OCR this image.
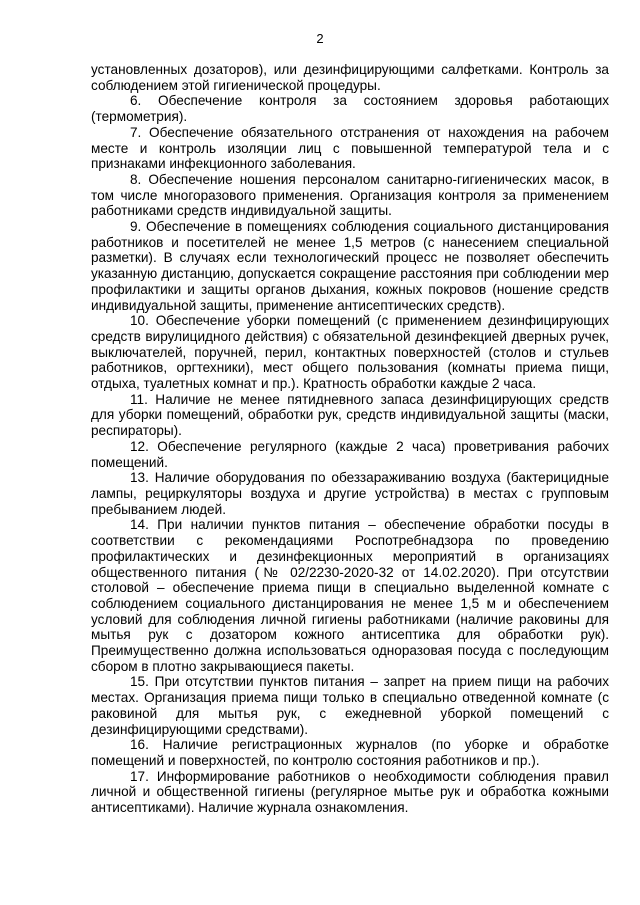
2

установленных дозаторов), или дезинфицирующими салфетками. Контроль за соблюдением этой гигиенической процедуры.

6. Обеспечение контроля за состоянием здоровья работающих (термометрия).

7. Обеспечение обязательного отстранения от нахождения на рабочем месте и контроль изоляции лиц с повышенной температурой тела и с признаками инфекционного заболевания.

8. Обеспечение ношения персоналом санитарно-гигиенических масок, в том числе многоразового применения. Организация контроля за применением работниками средств индивидуальной защиты.

9. Обеспечение в помещениях соблюдения социального дистанцирования работников и посетителей не менее 1,5 метров (с нанесением специальной разметки). В случаях если технологический процесс не позволяет обеспечить указанную дистанцию, допускается сокращение расстояния при соблюдении мер профилактики и защиты органов дыхания, кожных покровов (ношение средств индивидуальной защиты, применение антисептических средств).

10. Обеспечение уборки помещений (с применением дезинфицирующих средств вирулицидного действия) с обязательной дезинфекцией дверных ручек, выключателей, поручней, перил, контактных поверхностей (столов и стульев работников, оргтехники), мест общего пользования (комнаты приема пищи, отдыха, туалетных комнат и пр.). Кратность обработки каждые 2 часа.

11. Наличие не менее пятидневного запаса дезинфицирующих средств для уборки помещений, обработки рук, средств индивидуальной защиты (маски, респираторы).

12. Обеспечение регулярного (каждые 2 часа) проветривания рабочих помещений.

13. Наличие оборудования по обеззараживанию воздуха (бактерицидные лампы, рециркуляторы воздуха и другие устройства) в местах с групповым пребыванием людей.

14. При наличии пунктов питания – обеспечение обработки посуды в соответствии с рекомендациями Роспотребнадзора по проведению профилактических и дезинфекционных мероприятий в организациях общественного питания (№ 02/2230-2020-32 от 14.02.2020). При отсутствии столовой – обеспечение приема пищи в специально выделенной комнате с соблюдением социального дистанцирования не менее 1,5 м и обеспечением условий для соблюдения личной гигиены работниками (наличие раковины для мытья рук с дозатором кожного антисептика для обработки рук). Преимущественно должна использоваться одноразовая посуда с последующим сбором в плотно закрывающиеся пакеты.

15. При отсутствии пунктов питания – запрет на прием пищи на рабочих местах. Организация приема пищи только в специально отведенной комнате (с раковиной для мытья рук, с ежедневной уборкой помещений с дезинфицирующими средствами).

16. Наличие регистрационных журналов (по уборке и обработке помещений и поверхностей, по контролю состояния работников и пр.).

17. Информирование работников о необходимости соблюдения правил личной и общественной гигиены (регулярное мытье рук и обработка кожными антисептиками). Наличие журнала ознакомления.
